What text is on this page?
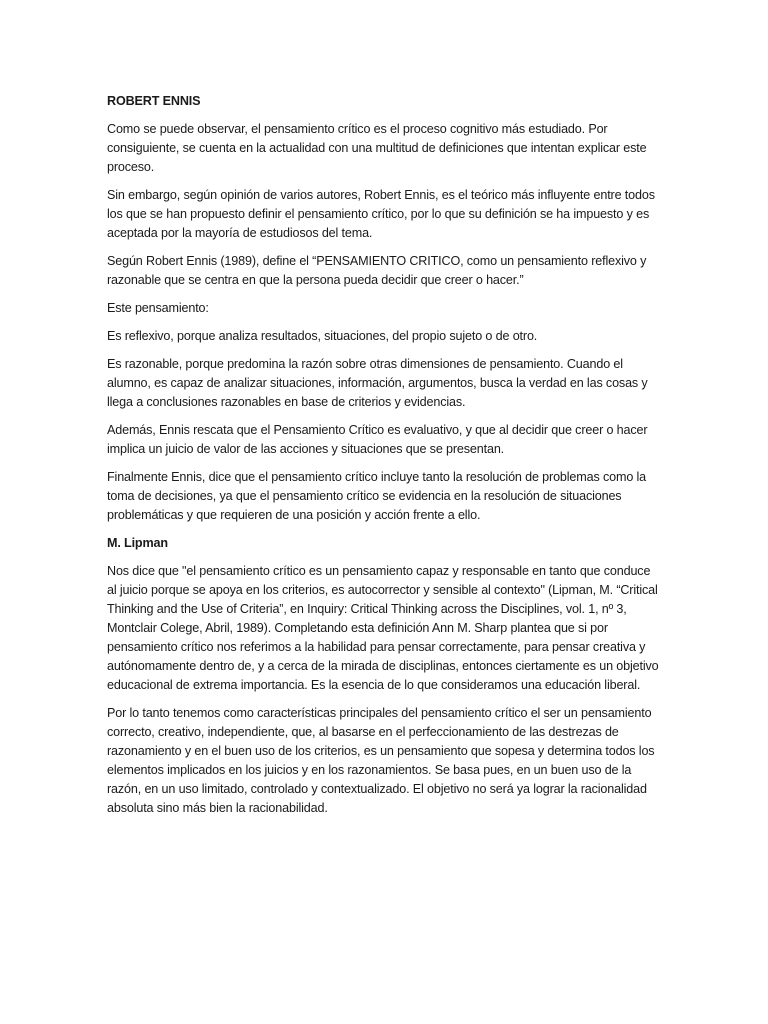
ROBERT ENNIS

Como se puede observar, el pensamiento crítico es el proceso cognitivo más estudiado. Por consiguiente, se cuenta en la actualidad con una multitud de definiciones que intentan explicar este proceso.

Sin embargo, según opinión de varios autores, Robert Ennis, es el teórico más influyente entre todos los que se han propuesto definir el pensamiento crítico, por lo que su definición se ha impuesto y es aceptada por la mayoría de estudiosos del tema.

Según Robert Ennis (1989), define el “PENSAMIENTO CRITICO, como un pensamiento reflexivo y razonable que se centra en que la persona pueda decidir que creer o hacer.”

Este pensamiento:

Es reflexivo, porque analiza resultados, situaciones, del propio sujeto o de otro.

Es razonable, porque predomina la razón sobre otras dimensiones de pensamiento. Cuando el alumno, es capaz de analizar situaciones, información, argumentos, busca la verdad en las cosas y llega a conclusiones razonables en base de criterios y evidencias.

Además, Ennis rescata que el Pensamiento Crítico es evaluativo, y que al decidir que creer o hacer implica un juicio de valor de las acciones y situaciones que se presentan.

Finalmente Ennis, dice que el pensamiento crítico incluye tanto la resolución de problemas como la toma de decisiones, ya que el pensamiento crítico se evidencia en la resolución de situaciones problemáticas y que requieren de una posición y acción frente a ello.

M. Lipman

Nos dice que "el pensamiento crítico es un pensamiento capaz y responsable en tanto que conduce al juicio porque se apoya en los criterios, es autocorrector y sensible al contexto" (Lipman, M. “Critical Thinking and the Use of Criteria”, en Inquiry: Critical Thinking across the Disciplines, vol. 1, nº 3, Montclair Colege, Abril, 1989). Completando esta definición Ann M. Sharp plantea que si por pensamiento crítico nos referimos a la habilidad para pensar correctamente, para pensar creativa y autónomamente dentro de, y a cerca de la mirada de disciplinas, entonces ciertamente es un objetivo educacional de extrema importancia. Es la esencia de lo que consideramos una educación liberal.

Por lo tanto tenemos como características principales del pensamiento crítico el ser un pensamiento correcto, creativo, independiente, que, al basarse en el perfeccionamiento de las destrezas de razonamiento y en el buen uso de los criterios, es un pensamiento que sopesa y determina todos los elementos implicados en los juicios y en los razonamientos. Se basa pues, en un buen uso de la razón, en un uso limitado, controlado y contextualizado. El objetivo no será ya lograr la racionalidad absoluta sino más bien la racionabilidad.
